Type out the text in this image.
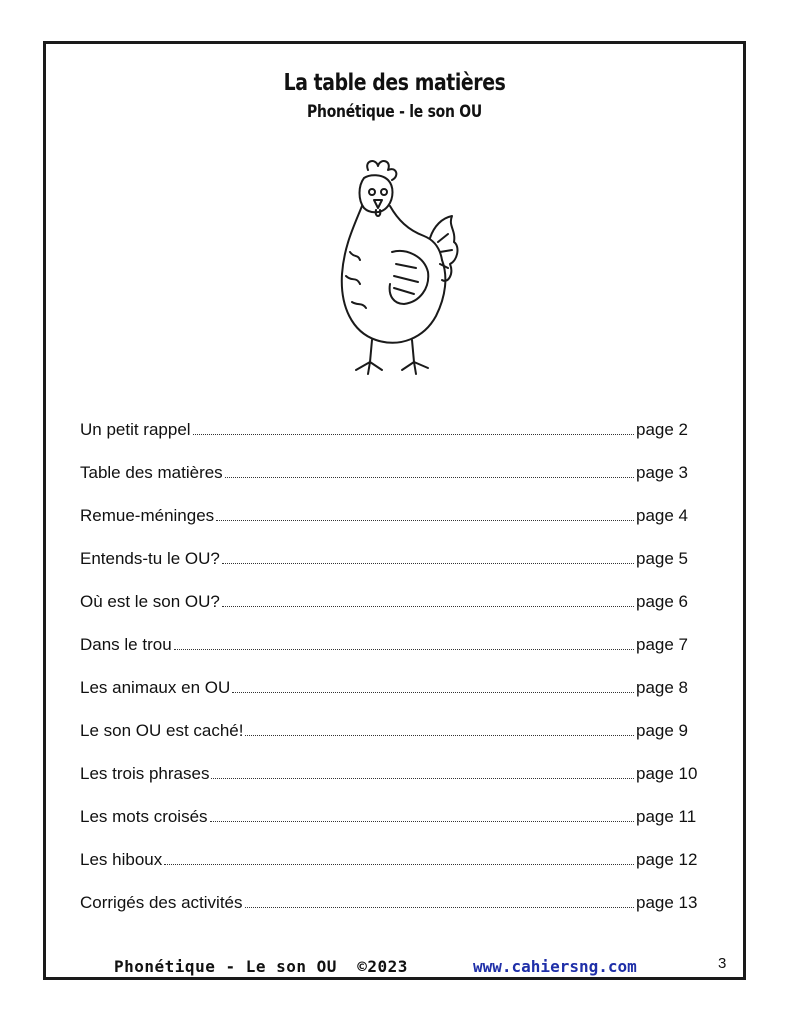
La table des matières
Phonétique - le son OU
Un petit rappel	page 2
Table des matières	page 3
Remue-méninges	page 4
Entends-tu le OU?	page 5
Où est le son OU?	page 6
Dans le trou	page 7
Les animaux en OU	page 8
Le son OU est caché!	page 9
Les trois phrases	page 10
Les mots croisés	page 11
Les hiboux	page 12
Corrigés des activités	page 13
Phonétique - Le son OU  ©2023	www.cahiersng.com	3
